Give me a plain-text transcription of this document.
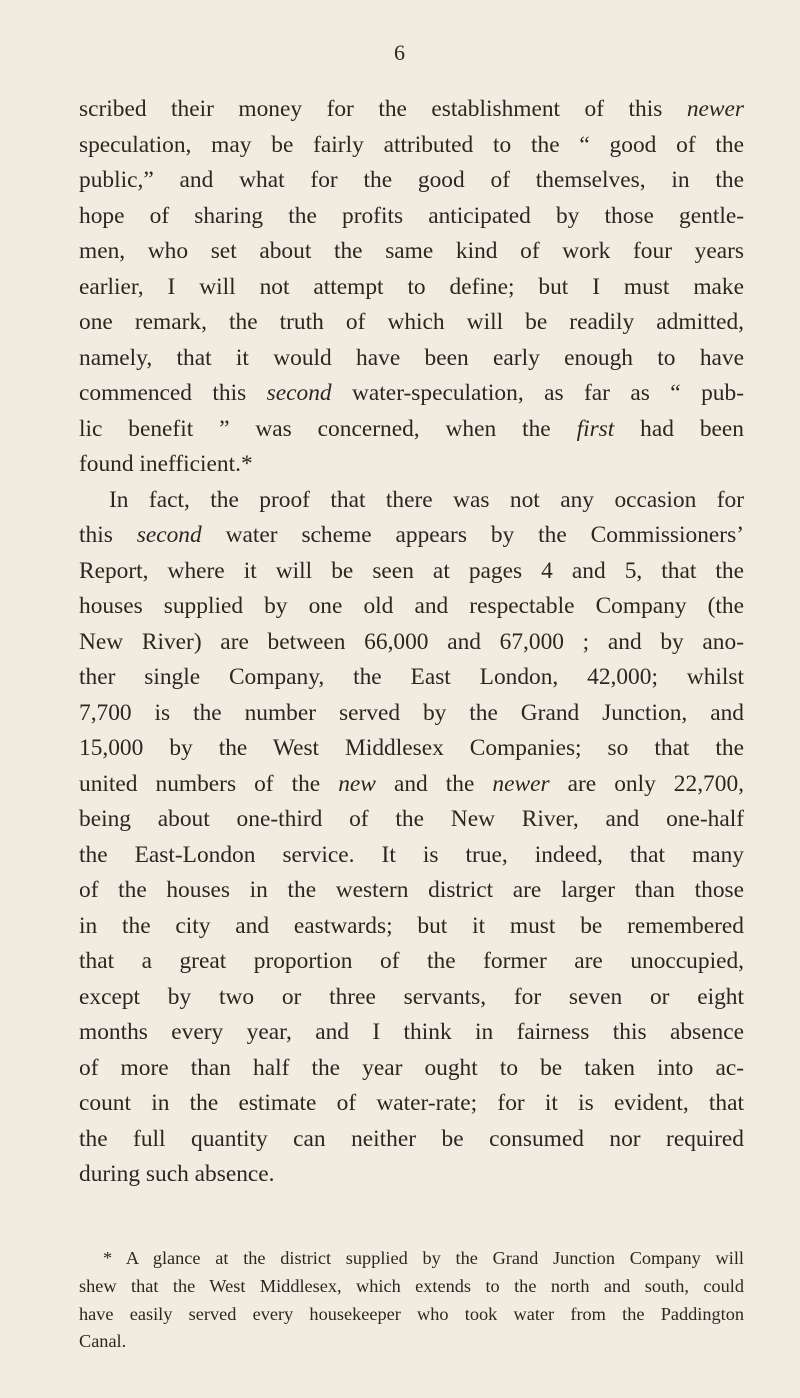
6
scribed their money for the establishment of this newer
speculation, may be fairly attributed to the “ good of the
public,” and what for the good of themselves, in the
hope of sharing the profits anticipated by those gentle-
men, who set about the same kind of work four years
earlier, I will not attempt to define; but I must make
one remark, the truth of which will be readily admitted,
namely, that it would have been early enough to have
commenced this second water-speculation, as far as “ pub-
lic benefit ” was concerned, when the first had been
found inefficient.*
In fact, the proof that there was not any occasion for
this second water scheme appears by the Commissioners’
Report, where it will be seen at pages 4 and 5, that the
houses supplied by one old and respectable Company (the
New River) are between 66,000 and 67,000 ; and by ano-
ther single Company, the East London, 42,000; whilst
7,700 is the number served by the Grand Junction, and
15,000 by the West Middlesex Companies; so that the
united numbers of the new and the newer are only 22,700,
being about one-third of the New River, and one-half
the East-London service. It is true, indeed, that many
of the houses in the western district are larger than those
in the city and eastwards; but it must be remembered
that a great proportion of the former are unoccupied,
except by two or three servants, for seven or eight
months every year, and I think in fairness this absence
of more than half the year ought to be taken into ac-
count in the estimate of water-rate; for it is evident, that
the full quantity can neither be consumed nor required
during such absence.
* A glance at the district supplied by the Grand Junction Company will
shew that the West Middlesex, which extends to the north and south, could
have easily served every housekeeper who took water from the Paddington
Canal.
